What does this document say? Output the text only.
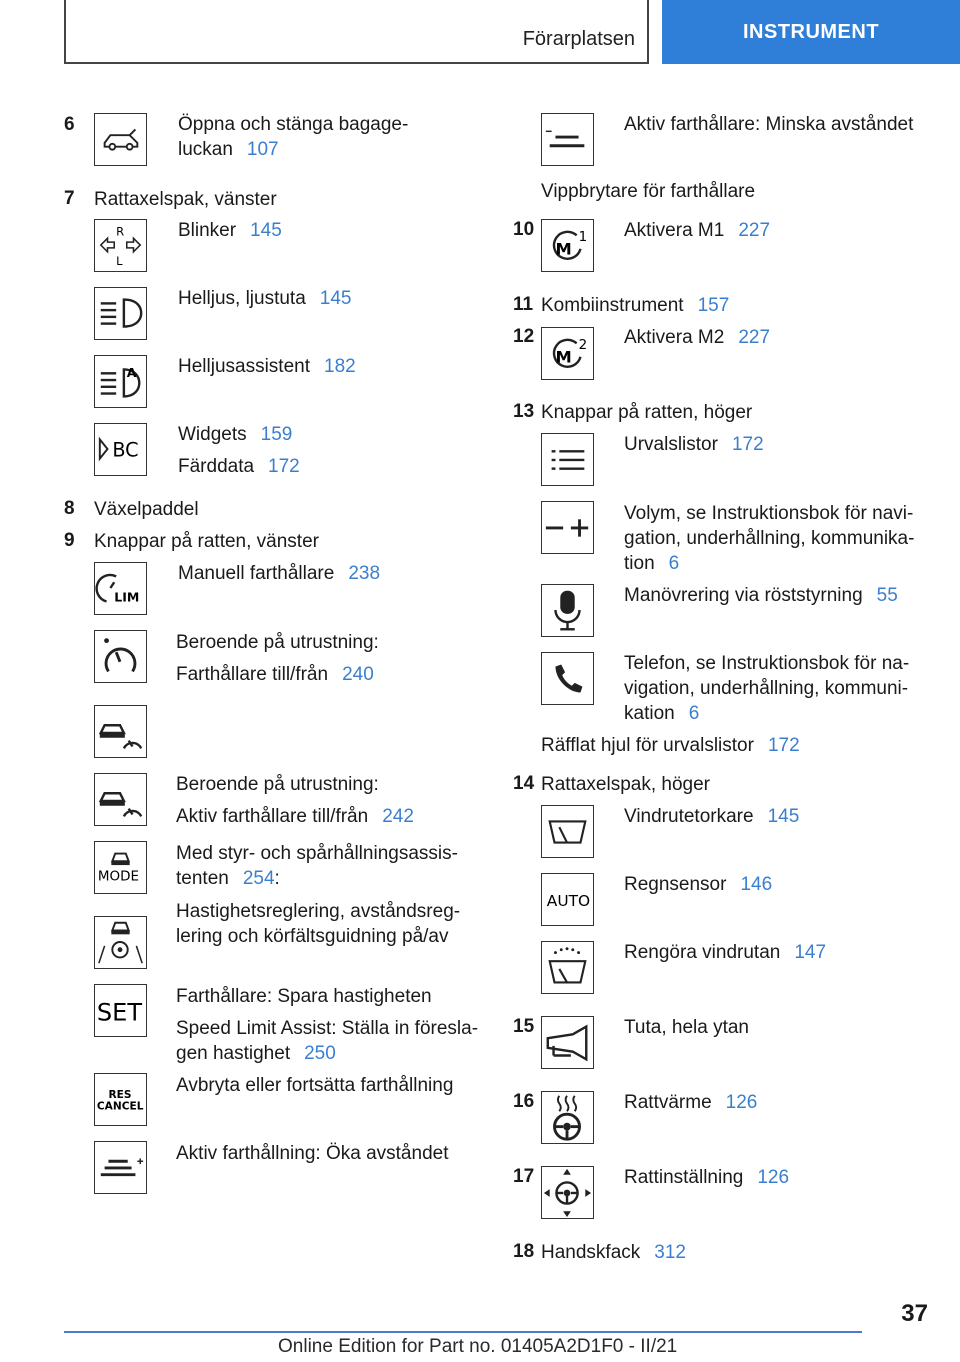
Förarplatsen	INSTRUMENT
6	Öppna och stänga bagage-
luckan 107
7 Rattaxelspak, vänster
R
L
Blinker 145
Helljus, ljustuta 145
A Helljusassistent 182
BC
Widgets 159
Färddata 172
8 Växelpaddel
9 Knappar på ratten, vänster
LIM
Manuell farthållare 238
Beroende på utrustning:
Farthållare till/från 240
Beroende på utrustning:
Aktiv farthållare till/från 242
MODE
Med styr- och spårhållningsassis-
tenten 254:
Hastighetsreglering, avståndsreg-
lering och körfältsguidning på/av
SET
Farthållare: Spara hastigheten
Speed Limit Assist: Ställa in föresla-
gen hastighet 250
RES
CANCEL
Avbryta eller fortsätta farthållning
Aktiv farthållning: Öka avståndet
Aktiv farthållare: Minska avståndet
Vippbrytare för farthållare
10
M
1 Aktivera M1 227
11 Kombiinstrument 157
12
M
2 Aktivera M2 227
13 Knappar på ratten, höger
Urvalslistor 172
Volym, se Instruktionsbok för navi-
gation, underhållning, kommunika-
tion 6
Manövrering via röststyrning 55
Telefon, se Instruktionsbok för na-
vigation, underhållning, kommuni-
kation 6
Räfflat hjul för urvalslistor 172
14 Rattaxelspak, höger
Vindrutetorkare 145
AUTO
Regnsensor 146
Rengöra vindrutan 147
15	Tuta, hela ytan
16	Rattvärme 126
17	Rattinställning 126
18 Handskfack 312
37
Online Edition for Part no. 01405A2D1F0 - II/21
